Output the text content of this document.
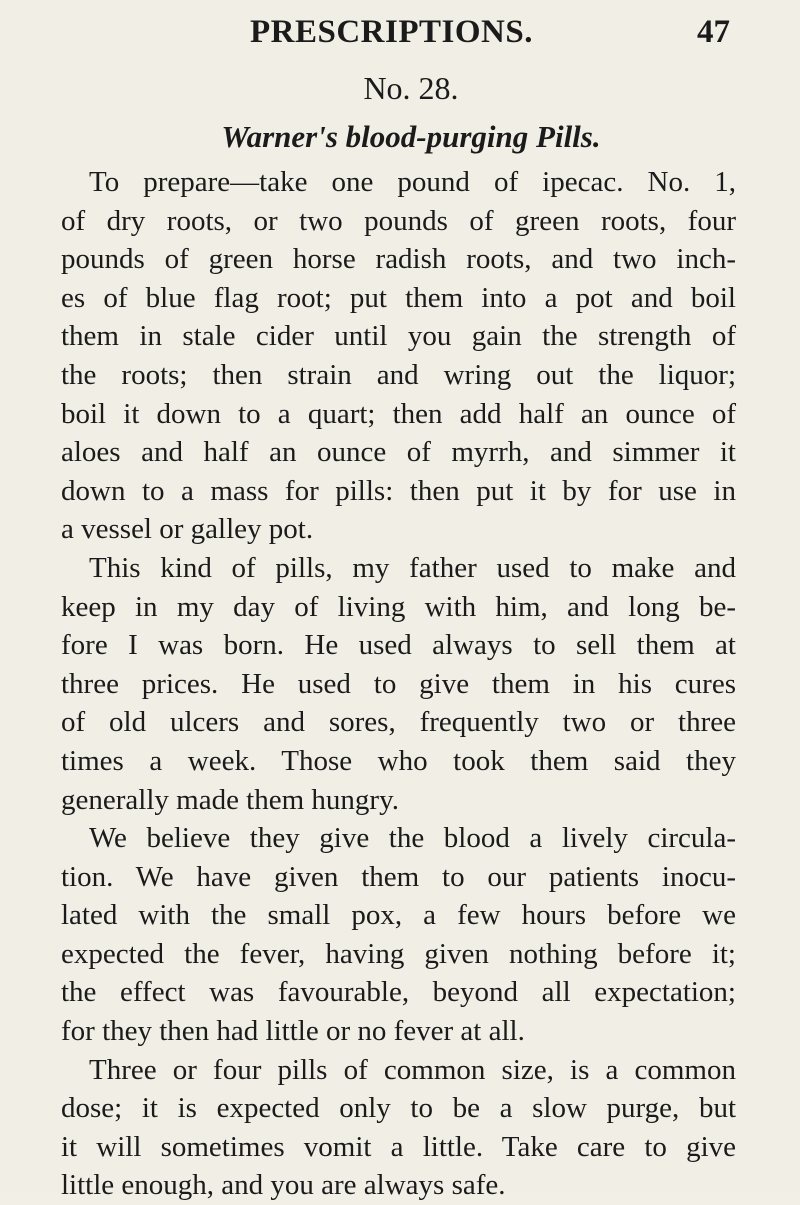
PRESCRIPTIONS.	47
No. 28.
Warner's blood-purging Pills.
To prepare—take one pound of ipecac. No. 1,
of dry roots, or two pounds of green roots, four
pounds of green horse radish roots, and two inch-
es of blue flag root; put them into a pot and boil
them in stale cider until you gain the strength of
the roots; then strain and wring out the liquor;
boil it down to a quart; then add half an ounce of
aloes and half an ounce of myrrh, and simmer it
down to a mass for pills: then put it by for use in
a vessel or galley pot.
This kind of pills, my father used to make and
keep in my day of living with him, and long be-
fore I was born. He used always to sell them at
three prices. He used to give them in his cures
of old ulcers and sores, frequently two or three
times a week. Those who took them said they
generally made them hungry.
We believe they give the blood a lively circula-
tion. We have given them to our patients inocu-
lated with the small pox, a few hours before we
expected the fever, having given nothing before it;
the effect was favourable, beyond all expectation;
for they then had little or no fever at all.
Three or four pills of common size, is a common
dose; it is expected only to be a slow purge, but
it will sometimes vomit a little. Take care to give
little enough, and you are always safe.
